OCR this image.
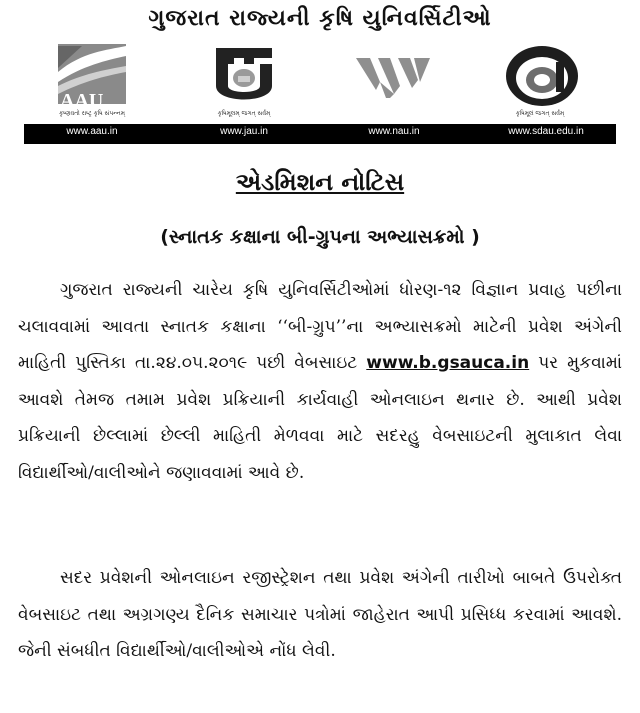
ગુજરાત રાજ્યની કૃષિ યુનિવર્સિટીઓ
AAU
કૃષ્ણવતો રાષ્ટ્ર કૃષિ સંપન્નમ્	કૃષિમૂલમ્ જગત્ સર્વમ્	કૃષિમૂલં જગત્ સર્વમ્
www.aau.in	www.jau.in	www.nau.in	www.sdau.edu.in
એડમિશન નોટિસ
(સ્નાતક કક્ષાના બી-ગ્રુપના અભ્યાસક્રમો )

ગુજરાત રાજ્યની ચારેય કૃષિ યુનિવર્સિટીઓમાં ધોરણ-૧૨ વિજ્ઞાન પ્રવાહ પછીના ચલાવવામાં આવતા સ્નાતક કક્ષાના ‘‘બી-ગ્રુપ’’ના અભ્યાસક્રમો માટેની પ્રવેશ અંગેની માહિતી પુસ્તિકા તા.૨૪.૦૫.૨૦૧૯ પછી વેબસાઇટ www.b.gsauca.in પર મુકવામાં આવશે તેમજ તમામ પ્રવેશ પ્રક્રિયાની કાર્યવાહી ઓનલાઇન થનાર છે. આથી પ્રવેશ પ્રક્રિયાની છેલ્લામાં છેલ્લી માહિતી મેળવવા માટે સદરહુ વેબસાઇટની મુલાકાત લેવા વિદ્યાર્થીઓ/વાલીઓને જણાવવામાં આવે છે.

સદર પ્રવેશની ઓનલાઇન રજીસ્ટ્રેશન તથા પ્રવેશ અંગેની તારીખો બાબતે ઉપરોક્ત વેબસાઇટ તથા અગ્રગણ્ય દૈનિક સમાચાર પત્રોમાં જાહેરાત આપી પ્રસિધ્ધ કરવામાં આવશે. જેની સંબધીત વિદ્યાર્થીઓ/વાલીઓએ નોંધ લેવી.
